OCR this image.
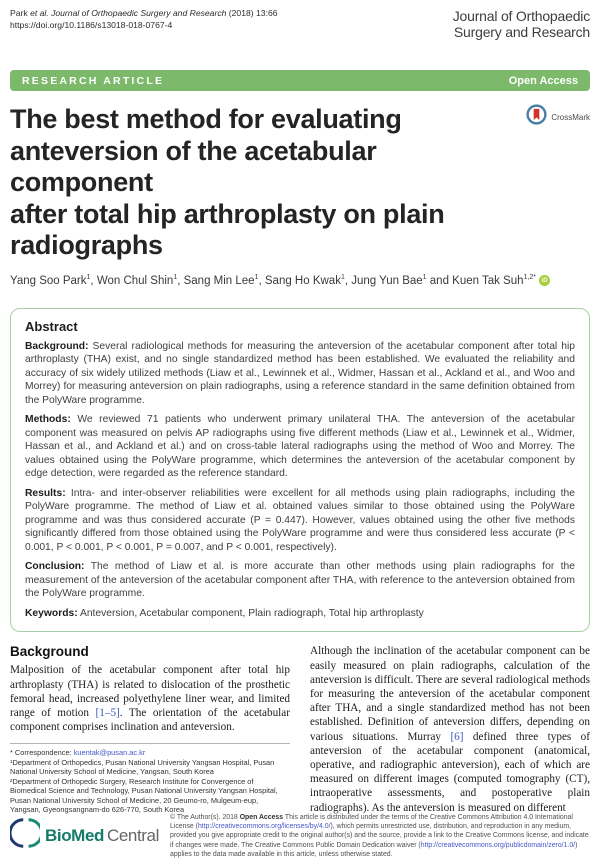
Park et al. Journal of Orthopaedic Surgery and Research (2018) 13:66
https://doi.org/10.1186/s13018-018-0767-4
Journal of Orthopaedic
Surgery and Research
RESEARCH ARTICLE	Open Access
The best method for evaluating
anteversion of the acetabular component
after total hip arthroplasty on plain
radiographs
CrossMark
Yang Soo Park$^1$, Won Chul Shin$^1$, Sang Min Lee$^1$, Sang Ho Kwak$^1$, Jung Yun Bae$^1$ and Kuen Tak Suh$^{1,2*}$ iD
Abstract

Background: Several radiological methods for measuring the anteversion of the acetabular component after total hip arthroplasty (THA) exist, and no single standardized method has been established. We evaluated the reliability and accuracy of six widely utilized methods (Liaw et al., Lewinnek et al., Widmer, Hassan et al., Ackland et al., and Woo and Morrey) for measuring anteversion on plain radiographs, using a reference standard in the same definition obtained from the PolyWare programme.

Methods: We reviewed 71 patients who underwent primary unilateral THA. The anteversion of the acetabular component was measured on pelvis AP radiographs using five different methods (Liaw et al., Lewinnek et al., Widmer, Hassan et al., and Ackland et al.) and on cross-table lateral radiographs using the method of Woo and Morrey. The values obtained using the PolyWare programme, which determines the anteversion of the acetabular component by edge detection, were regarded as the reference standard.

Results: Intra- and inter-observer reliabilities were excellent for all methods using plain radiographs, including the PolyWare programme. The method of Liaw et al. obtained values similar to those obtained using the PolyWare programme and was thus considered accurate (P = 0.447). However, values obtained using the other five methods significantly differed from those obtained using the PolyWare programme and were thus considered less accurate (P < 0.001, P < 0.001, P < 0.001, P = 0.007, and P < 0.001, respectively).

Conclusion: The method of Liaw et al. is more accurate than other methods using plain radiographs for the measurement of the anteversion of the acetabular component after THA, with reference to the anteversion obtained from the PolyWare programme.

Keywords: Anteversion, Acetabular component, Plain radiograph, Total hip arthroplasty

Background

Malposition of the acetabular component after total hip arthroplasty (THA) is related to dislocation of the prosthetic femoral head, increased polyethylene liner wear, and limited range of motion [1–5]. The orientation of the acetabular component comprises inclination and anteversion.

* Correspondence: kuentak@pusan.ac.kr
¹Department of Orthopedics, Pusan National University Yangsan Hospital, Pusan National University School of Medicine, Yangsan, South Korea
²Department of Orthopedic Surgery, Research Institute for Convergence of Biomedical Science and Technology, Pusan National University Yangsan Hospital, Pusan National University School of Medicine, 20 Geumo-ro, Mulgeum-eup, Yangsan, Gyeongsangnam-do 626-770, South Korea

Although the inclination of the acetabular component can be easily measured on plain radiographs, calculation of the anteversion is difficult. There are several radiological methods for measuring the anteversion of the acetabular component after THA, and a single standardized method has not been established. Definition of anteversion differs, depending on various situations. Murray [6] defined three types of anteversion of the acetabular component (anatomical, operative, and radiographic anteversion), each of which are measured on different images (computed tomography (CT), intraoperative assessments, and postoperative plain radiographs). As the anteversion is measured on different

BioMed Central
© The Author(s). 2018 Open Access This article is distributed under the terms of the Creative Commons Attribution 4.0 International License (http://creativecommons.org/licenses/by/4.0/), which permits unrestricted use, distribution, and reproduction in any medium, provided you give appropriate credit to the original author(s) and the source, provide a link to the Creative Commons license, and indicate if changes were made. The Creative Commons Public Domain Dedication waiver (http://creativecommons.org/publicdomain/zero/1.0/) applies to the data made available in this article, unless otherwise stated.
